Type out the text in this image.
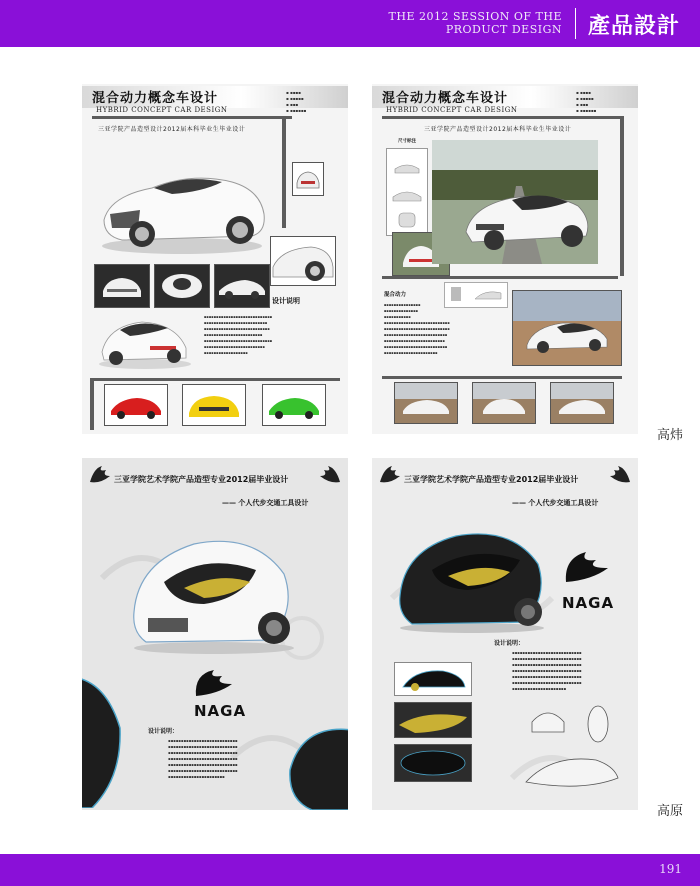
THE 2012 SESSION OF THE
PRODUCT DESIGN 產品設計
混合动力概念车设计
HYBRID CONCEPT CAR DESIGN
▪ ▪▪▪▪
▪ ▪▪▪▪▪
▪ ▪▪▪
▪ ▪▪▪▪▪▪
三亚学院产品造型设计2012届本科毕业生毕业设计
设计说明
▪▪▪▪▪▪▪▪▪▪▪▪▪▪▪▪▪▪▪▪▪▪▪▪▪▪▪▪
▪▪▪▪▪▪▪▪▪▪▪▪▪▪▪▪▪▪▪▪▪▪▪▪▪▪
▪▪▪▪▪▪▪▪▪▪▪▪▪▪▪▪▪▪▪▪▪▪▪▪▪▪▪
▪▪▪▪▪▪▪▪▪▪▪▪▪▪▪▪▪▪▪▪▪▪▪▪
▪▪▪▪▪▪▪▪▪▪▪▪▪▪▪▪▪▪▪▪▪▪▪▪▪▪▪▪
▪▪▪▪▪▪▪▪▪▪▪▪▪▪▪▪▪▪▪▪▪▪▪▪▪
▪▪▪▪▪▪▪▪▪▪▪▪▪▪▪▪▪▪
混合动力概念车设计
HYBRID CONCEPT CAR DESIGN
▪ ▪▪▪▪
▪ ▪▪▪▪▪
▪ ▪▪▪
▪ ▪▪▪▪▪▪
三亚学院产品造型设计2012届本科毕业生毕业设计
尺寸标注
混合动力
▪▪▪▪▪▪▪▪▪▪▪▪▪▪▪
▪▪▪▪▪▪▪▪▪▪▪▪▪▪
▪▪▪▪▪▪▪▪▪▪▪
▪▪▪▪▪▪▪▪▪▪▪▪▪▪▪▪▪▪▪▪▪▪▪▪▪▪▪
▪▪▪▪▪▪▪▪▪▪▪▪▪▪▪▪▪▪▪▪▪▪▪▪▪▪▪
▪▪▪▪▪▪▪▪▪▪▪▪▪▪▪▪▪▪▪▪▪▪▪▪▪▪
▪▪▪▪▪▪▪▪▪▪▪▪▪▪▪▪▪▪▪▪▪▪▪▪▪
▪▪▪▪▪▪▪▪▪▪▪▪▪▪▪▪▪▪▪▪▪▪▪▪▪▪
▪▪▪▪▪▪▪▪▪▪▪▪▪▪▪▪▪▪▪▪▪▪
高炜
三亚学院艺术学院产品造型专业2012届毕业设计
—— 个人代步交通工具设计
NAGA
设计说明：
▪▪▪▪▪▪▪▪▪▪▪▪▪▪▪▪▪▪▪▪▪▪▪▪▪▪▪
▪▪▪▪▪▪▪▪▪▪▪▪▪▪▪▪▪▪▪▪▪▪▪▪▪▪▪
▪▪▪▪▪▪▪▪▪▪▪▪▪▪▪▪▪▪▪▪▪▪▪▪▪▪▪
▪▪▪▪▪▪▪▪▪▪▪▪▪▪▪▪▪▪▪▪▪▪▪▪▪▪▪
▪▪▪▪▪▪▪▪▪▪▪▪▪▪▪▪▪▪▪▪▪▪▪▪▪▪▪
▪▪▪▪▪▪▪▪▪▪▪▪▪▪▪▪▪▪▪▪▪▪▪▪▪▪▪
▪▪▪▪▪▪▪▪▪▪▪▪▪▪▪▪▪▪▪▪▪▪
三亚学院艺术学院产品造型专业2012届毕业设计
—— 个人代步交通工具设计
NAGA
设计说明：
▪▪▪▪▪▪▪▪▪▪▪▪▪▪▪▪▪▪▪▪▪▪▪▪▪▪▪
▪▪▪▪▪▪▪▪▪▪▪▪▪▪▪▪▪▪▪▪▪▪▪▪▪▪▪
▪▪▪▪▪▪▪▪▪▪▪▪▪▪▪▪▪▪▪▪▪▪▪▪▪▪▪
▪▪▪▪▪▪▪▪▪▪▪▪▪▪▪▪▪▪▪▪▪▪▪▪▪▪▪
▪▪▪▪▪▪▪▪▪▪▪▪▪▪▪▪▪▪▪▪▪▪▪▪▪▪▪
▪▪▪▪▪▪▪▪▪▪▪▪▪▪▪▪▪▪▪▪▪▪▪▪▪▪▪
▪▪▪▪▪▪▪▪▪▪▪▪▪▪▪▪▪▪▪▪▪
高原
191
